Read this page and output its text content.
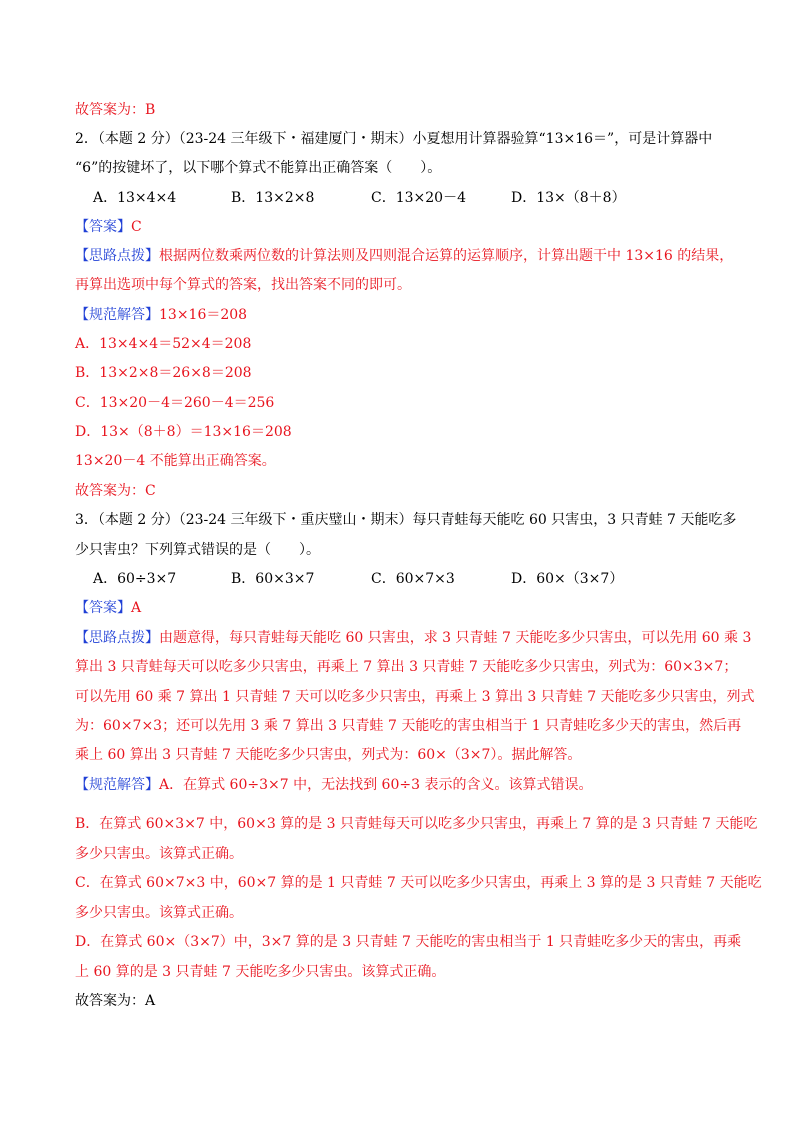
故答案为：B
2．（本题 2 分）（23-24 三年级下・福建厦门・期末）小夏想用计算器验算“13×16＝”，可是计算器中
“6”的按键坏了，以下哪个算式不能算出正确答案（　　）。
A．13×4×4	B．13×2×8	C．13×20－4	D．13×（8＋8）
【答案】C
【思路点拨】根据两位数乘两位数的计算法则及四则混合运算的运算顺序，计算出题干中 13×16 的结果，
再算出选项中每个算式的答案，找出答案不同的即可。
【规范解答】13×16＝208
A．13×4×4＝52×4＝208
B．13×2×8＝26×8＝208
C．13×20－4＝260－4＝256
D．13×（8＋8）＝13×16＝208
13×20－4 不能算出正确答案。
故答案为：C
3．（本题 2 分）（23-24 三年级下・重庆璧山・期末）每只青蛙每天能吃 60 只害虫，3 只青蛙 7 天能吃多
少只害虫？下列算式错误的是（　　）。
A．60÷3×7	B．60×3×7	C．60×7×3	D．60×（3×7）
【答案】A
【思路点拨】由题意得，每只青蛙每天能吃 60 只害虫，求 3 只青蛙 7 天能吃多少只害虫，可以先用 60 乘 3
算出 3 只青蛙每天可以吃多少只害虫，再乘上 7 算出 3 只青蛙 7 天能吃多少只害虫，列式为：60×3×7；
可以先用 60 乘 7 算出 1 只青蛙 7 天可以吃多少只害虫，再乘上 3 算出 3 只青蛙 7 天能吃多少只害虫，列式
为：60×7×3；还可以先用 3 乘 7 算出 3 只青蛙 7 天能吃的害虫相当于 1 只青蛙吃多少天的害虫，然后再
乘上 60 算出 3 只青蛙 7 天能吃多少只害虫，列式为：60×（3×7）。据此解答。
【规范解答】A．在算式 60÷3×7 中，无法找到 60÷3 表示的含义。该算式错误。
B．在算式 60×3×7 中，60×3 算的是 3 只青蛙每天可以吃多少只害虫，再乘上 7 算的是 3 只青蛙 7 天能吃
多少只害虫。该算式正确。
C．在算式 60×7×3 中，60×7 算的是 1 只青蛙 7 天可以吃多少只害虫，再乘上 3 算的是 3 只青蛙 7 天能吃
多少只害虫。该算式正确。
D．在算式 60×（3×7）中，3×7 算的是 3 只青蛙 7 天能吃的害虫相当于 1 只青蛙吃多少天的害虫，再乘
上 60 算的是 3 只青蛙 7 天能吃多少只害虫。该算式正确。
故答案为：A
